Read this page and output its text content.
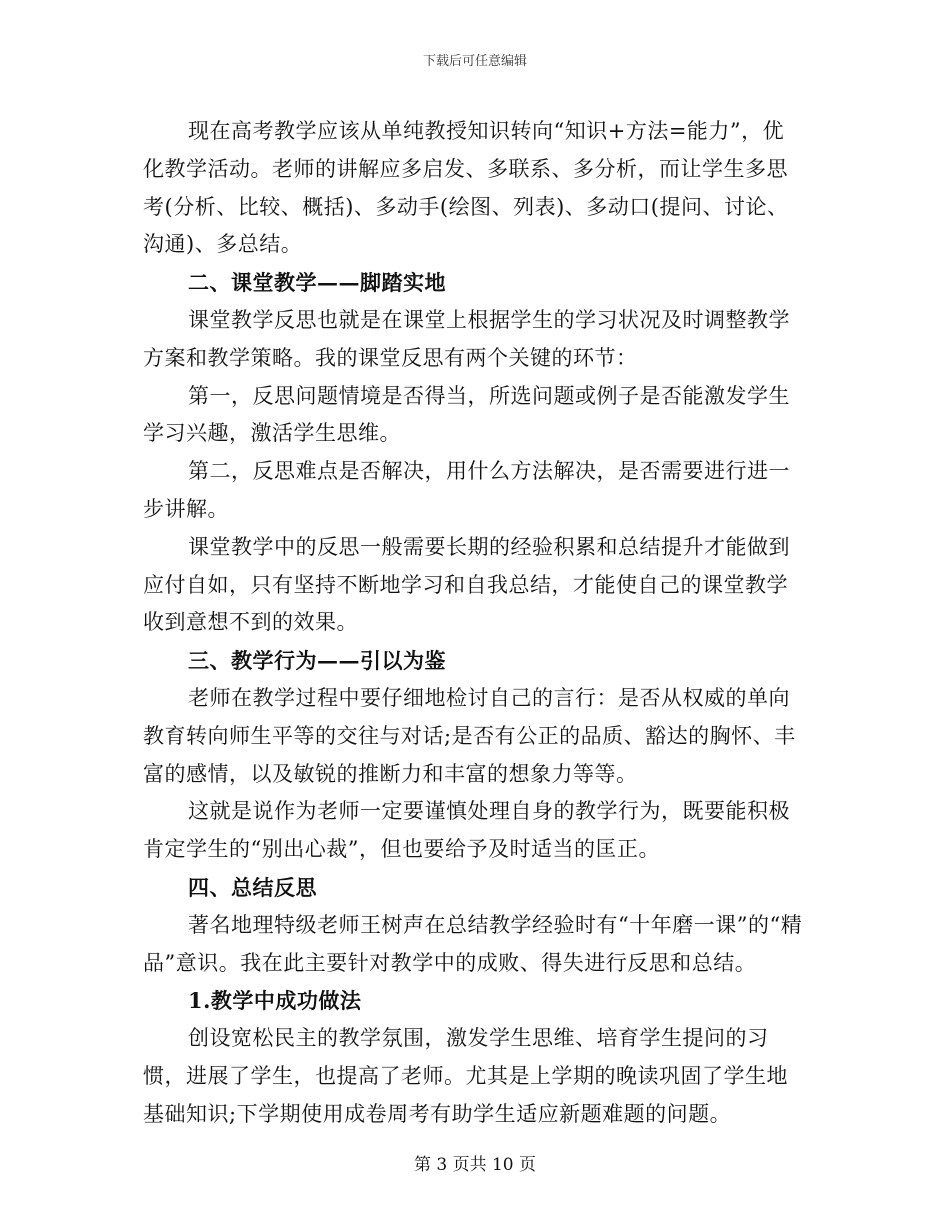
下载后可任意编辑

现在高考教学应该从单纯教授知识转向“知识+方法=能力”，优化教学活动。老师的讲解应多启发、多联系、多分析，而让学生多思考(分析、比较、概括)、多动手(绘图、列表)、多动口(提问、讨论、沟通)、多总结。

二、课堂教学——脚踏实地

课堂教学反思也就是在课堂上根据学生的学习状况及时调整教学方案和教学策略。我的课堂反思有两个关键的环节：

第一，反思问题情境是否得当，所选问题或例子是否能激发学生学习兴趣，激活学生思维。

第二，反思难点是否解决，用什么方法解决，是否需要进行进一步讲解。

课堂教学中的反思一般需要长期的经验积累和总结提升才能做到应付自如，只有坚持不断地学习和自我总结，才能使自己的课堂教学收到意想不到的效果。

三、教学行为——引以为鉴

老师在教学过程中要仔细地检讨自己的言行：是否从权威的单向教育转向师生平等的交往与对话;是否有公正的品质、豁达的胸怀、丰富的感情，以及敏锐的推断力和丰富的想象力等等。

这就是说作为老师一定要谨慎处理自身的教学行为，既要能积极肯定学生的“别出心裁”，但也要给予及时适当的匡正。

四、总结反思

著名地理特级老师王树声在总结教学经验时有“十年磨一课”的“精品”意识。我在此主要针对教学中的成败、得失进行反思和总结。

1.教学中成功做法

创设宽松民主的教学氛围，激发学生思维、培育学生提问的习惯，进展了学生，也提高了老师。尤其是上学期的晚读巩固了学生地基础知识;下学期使用成卷周考有助学生适应新题难题的问题。

第 3 页共 10 页
